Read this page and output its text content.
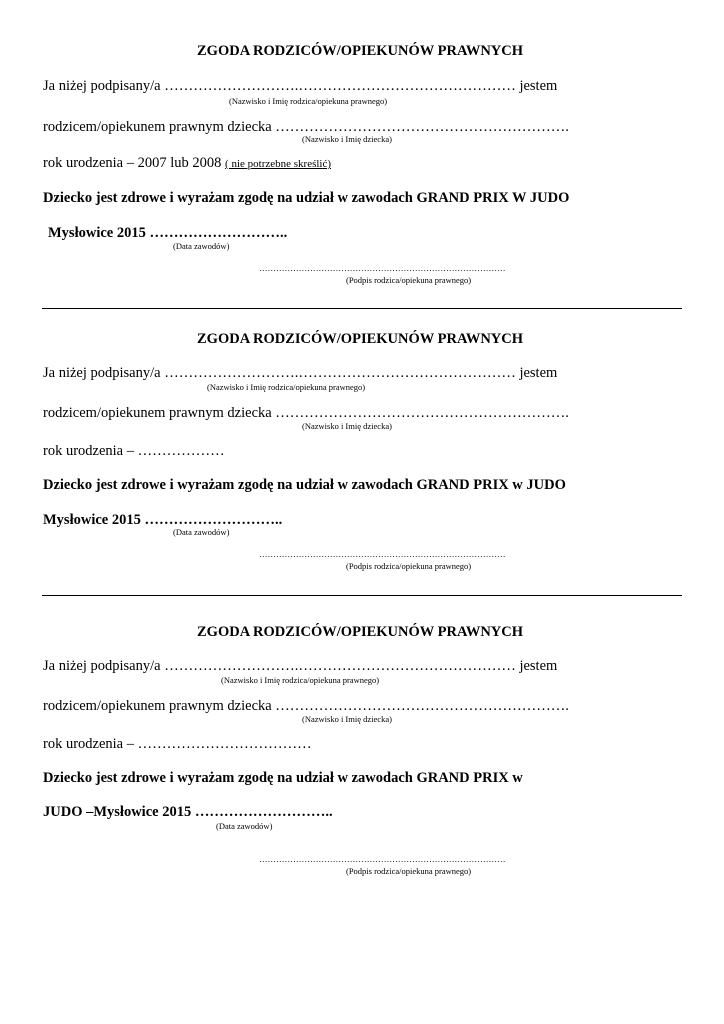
ZGODA RODZICÓW/OPIEKUNÓW PRAWNYCH
Ja niżej podpisany/a ……………………….……………………………………… jestem
(Nazwisko i Imię rodzica/opiekuna prawnego)
rodzicem/opiekunem prawnym dziecka …………………………………………………….
(Nazwisko i Imię dziecka)
rok urodzenia – 2007 lub 2008 ( nie potrzebne skreślić)
Dziecko jest zdrowe i wyrażam zgodę na udział w zawodach GRAND PRIX W JUDO
Mysłowice 2015 ………………………..
(Data zawodów)
……………………………………………………………………………
(Podpis rodzica/opiekuna prawnego)
ZGODA RODZICÓW/OPIEKUNÓW PRAWNYCH
Ja niżej podpisany/a ……………………….……………………………………… jestem
(Nazwisko i Imię rodzica/opiekuna prawnego)
rodzicem/opiekunem prawnym dziecka …………………………………………………….
(Nazwisko i Imię dziecka)
rok urodzenia – ………………
Dziecko jest zdrowe i wyrażam zgodę na udział w zawodach GRAND PRIX w JUDO
Mysłowice 2015 ………………………..
(Data zawodów)
……………………………………………………………………………
(Podpis rodzica/opiekuna prawnego)
ZGODA RODZICÓW/OPIEKUNÓW PRAWNYCH
Ja niżej podpisany/a ……………………….……………………………………… jestem
(Nazwisko i Imię rodzica/opiekuna prawnego)
rodzicem/opiekunem prawnym dziecka …………………………………………………….
(Nazwisko i Imię dziecka)
rok urodzenia – ………………………………
Dziecko jest zdrowe i wyrażam zgodę na udział w zawodach GRAND PRIX w
JUDO –Mysłowice 2015 ………………………..
(Data zawodów)
……………………………………………………………………………
(Podpis rodzica/opiekuna prawnego)
